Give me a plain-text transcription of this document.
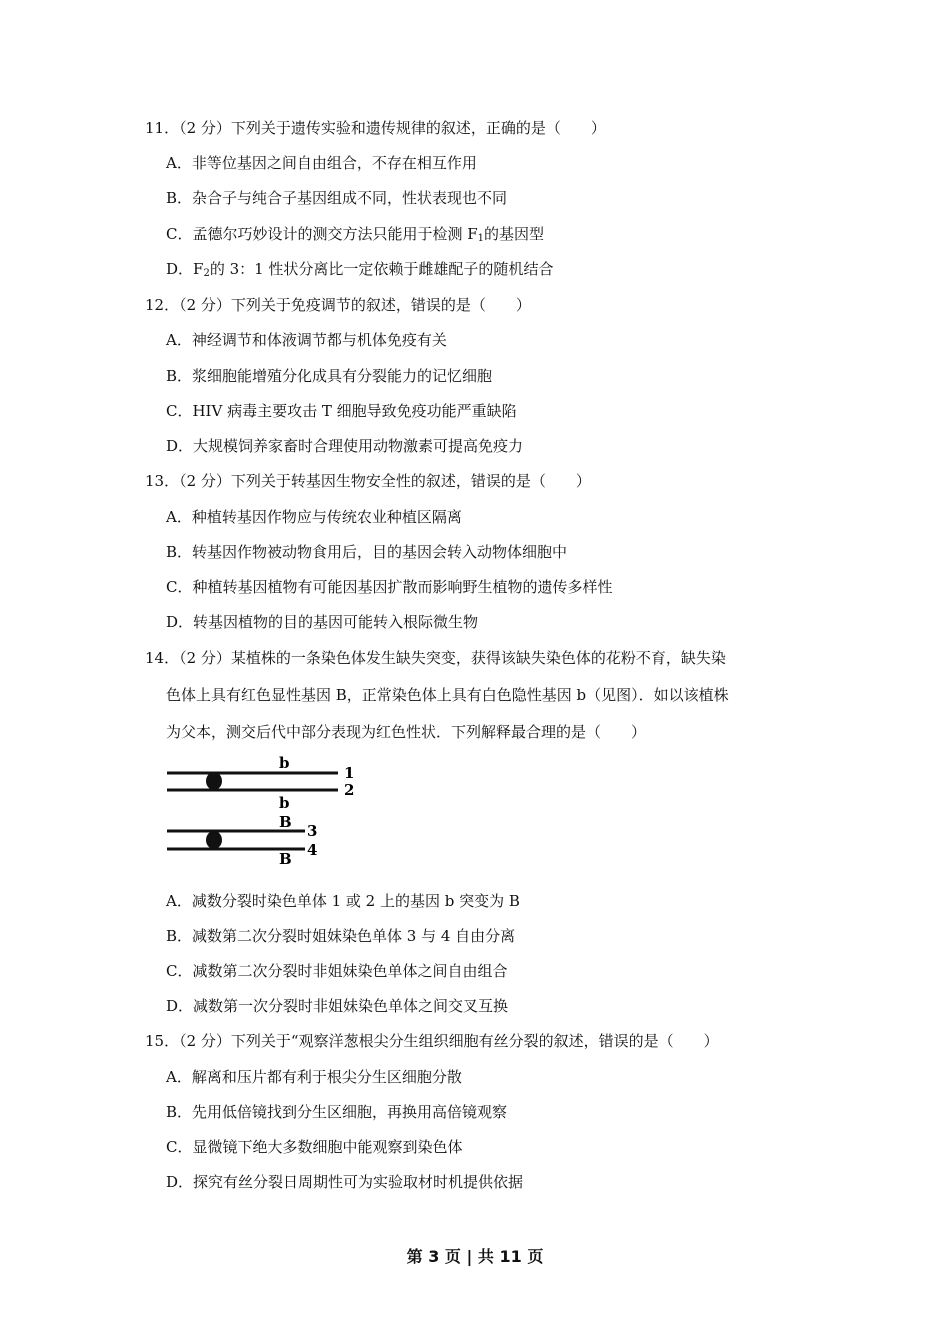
11．（2 分）下列关于遗传实验和遗传规律的叙述，正确的是（　　）
A．非等位基因之间自由组合，不存在相互作用
B．杂合子与纯合子基因组成不同，性状表现也不同
C．孟德尔巧妙设计的测交方法只能用于检测 $F_1$的基因型
D．$F_2$的 3：1 性状分离比一定依赖于雌雄配子的随机结合
12．（2 分）下列关于免疫调节的叙述，错误的是（　　）
A．神经调节和体液调节都与机体免疫有关
B．浆细胞能增殖分化成具有分裂能力的记忆细胞
C．HIV 病毒主要攻击 T 细胞导致免疫功能严重缺陷
D．大规模饲养家畜时合理使用动物激素可提高免疫力
13．（2 分）下列关于转基因生物安全性的叙述，错误的是（　　）
A．种植转基因作物应与传统农业种植区隔离
B．转基因作物被动物食用后，目的基因会转入动物体细胞中
C．种植转基因植物有可能因基因扩散而影响野生植物的遗传多样性
D．转基因植物的目的基因可能转入根际微生物
14．（2 分）某植株的一条染色体发生缺失突变，获得该缺失染色体的花粉不育，缺失染
色体上具有红色显性基因 B，正常染色体上具有白色隐性基因 b（见图）．如以该植株
为父本，测交后代中部分表现为红色性状．下列解释最合理的是（　　）
b
b
1
2
B
B
3
4
A．减数分裂时染色单体 1 或 2 上的基因 b 突变为 B
B．减数第二次分裂时姐妹染色单体 3 与 4 自由分离
C．减数第二次分裂时非姐妹染色单体之间自由组合
D．减数第一次分裂时非姐妹染色单体之间交叉互换
15．（2 分）下列关于“观察洋葱根尖分生组织细胞有丝分裂的叙述，错误的是（　　）
A．解离和压片都有利于根尖分生区细胞分散
B．先用低倍镜找到分生区细胞，再换用高倍镜观察
C．显微镜下绝大多数细胞中能观察到染色体
D．探究有丝分裂日周期性可为实验取材时机提供依据
第 3 页 | 共 11 页
